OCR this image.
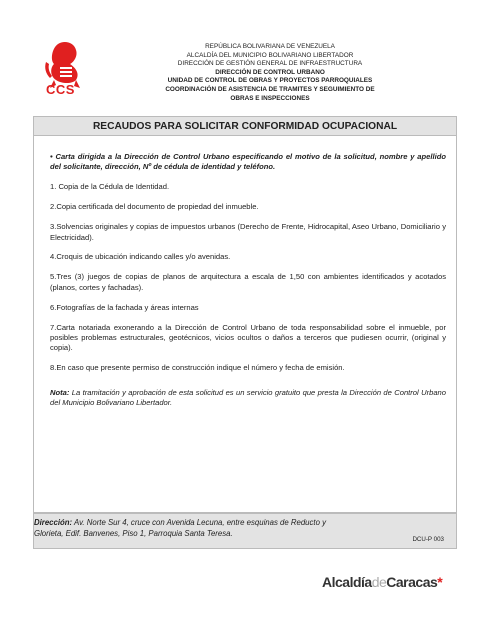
CCS
REPÚBLICA BOLIVARIANA DE VENEZUELA
ALCALDÍA DEL MUNICIPIO BOLIVARIANO LIBERTADOR
DIRECCIÓN DE GESTIÓN GENERAL DE INFRAESTRUCTURA
DIRECCIÓN DE CONTROL URBANO
UNIDAD DE CONTROL DE OBRAS Y PROYECTOS PARROQUIALES
COORDINACIÓN DE ASISTENCIA DE TRAMITES Y SEGUIMIENTO DE
OBRAS E INSPECCIONES
RECAUDOS PARA SOLICITAR CONFORMIDAD OCUPACIONAL

• Carta dirigida a la Dirección de Control Urbano especificando el motivo de la solicitud, nombre y apellido del solicitante, dirección, Nº de cédula de identidad y teléfono.

1. Copia de la Cédula de Identidad.

2.Copia certificada del documento de propiedad del inmueble.

3.Solvencias originales y copias de impuestos urbanos (Derecho de Frente, Hidrocapital, Aseo Urbano, Domiciliario y Electricidad).

4.Croquis de ubicación indicando calles y/o avenidas.

5.Tres (3) juegos de copias de planos de arquitectura a escala de 1,50 con ambientes identificados y acotados (planos, cortes y fachadas).

6.Fotografías de la fachada y áreas internas

7.Carta notariada exonerando a la Dirección de Control Urbano de toda responsabilidad sobre el inmueble, por posibles problemas estructurales, geotécnicos, vicios ocultos o daños a terceros que pudiesen ocurrir, (original y copia).

8.En caso que presente permiso de construcción indique el número y fecha de emisión.

Nota: La tramitación y aprobación de esta solicitud es un servicio gratuito que presta la Dirección de Control Urbano del Municipio Bolivariano Libertador.

Dirección: Av. Norte Sur 4, cruce con Avenida Lecuna, entre esquinas de Reducto y Glorieta, Edif. Banvenes, Piso 1, Parroquia Santa Teresa.
DCU-P 003
AlcaldíadeCaracas*
